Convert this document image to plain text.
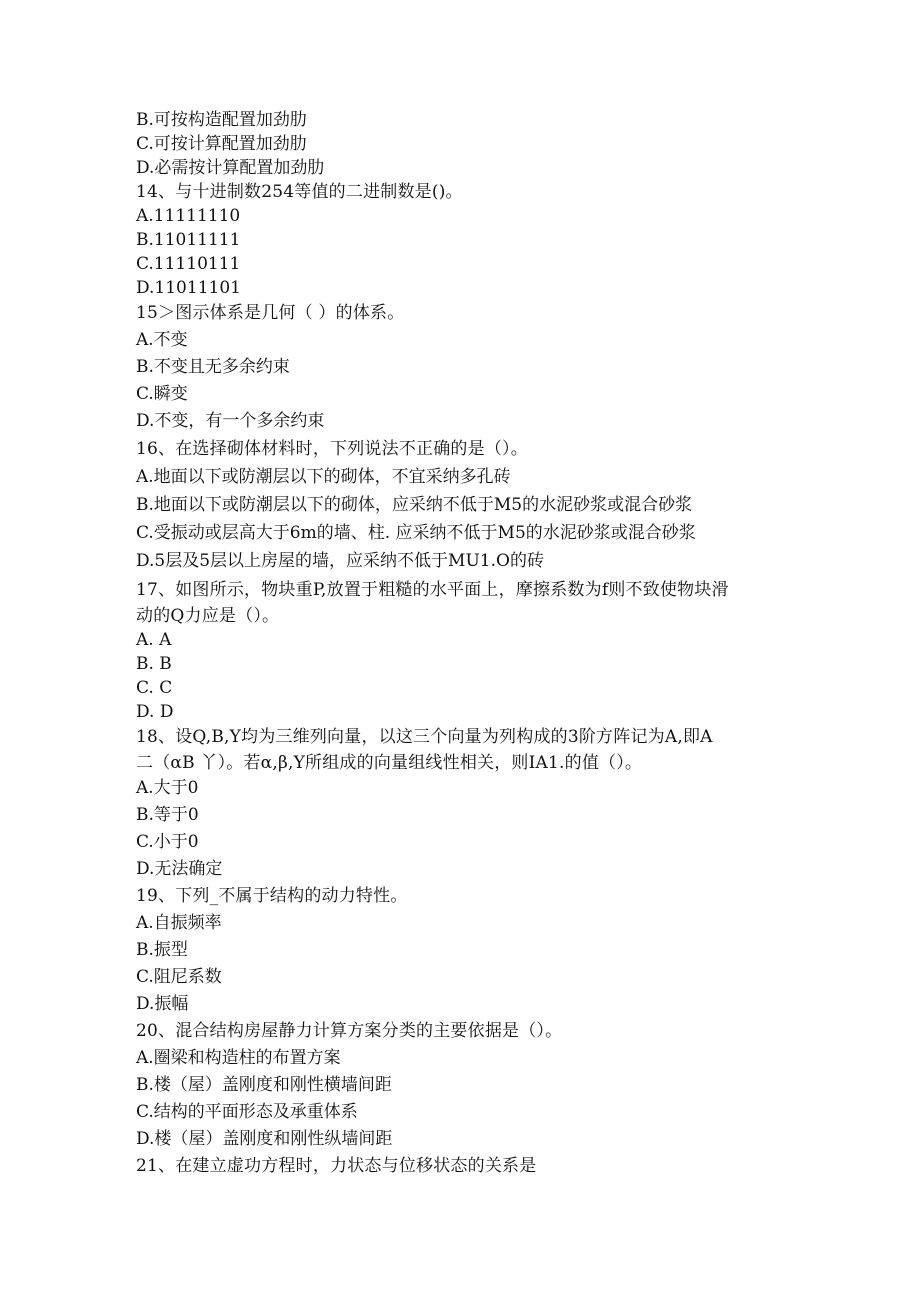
B.可按构造配置加劲肋
C.可按计算配置加劲肋
D.必需按计算配置加劲肋
14、与十进制数254等值的二进制数是()。
A.11111110
B.11011111
C.11110111
D.11011101
15＞图示体系是几何（ ）的体系。
A.不变
B.不变且无多余约束
C.瞬变
D.不变，有一个多余约束
16、在选择砌体材料时，下列说法不正确的是（）。
A.地面以下或防潮层以下的砌体，不宜采纳多孔砖
B.地面以下或防潮层以下的砌体，应采纳不低于M5的水泥砂浆或混合砂浆
C.受振动或层高大于6m的墙、柱. 应采纳不低于M5的水泥砂浆或混合砂浆
D.5层及5层以上房屋的墙，应采纳不低于MU1.O的砖
17、如图所示，物块重P,放置于粗糙的水平面上，摩擦系数为f则不致使物块滑
动的Q力应是（）。
A. A
B. B
C. C
D. D
18、设Q,B,Y均为三维列向量，以这三个向量为列构成的3阶方阵记为A,即A
二（αB 丫）。若α,β,Y所组成的向量组线性相关，则IA1.的值（）。
A.大于0
B.等于0
C.小于0
D.无法确定
19、下列_不属于结构的动力特性。
A.自振频率
B.振型
C.阻尼系数
D.振幅
20、混合结构房屋静力计算方案分类的主要依据是（）。
A.圈梁和构造柱的布置方案
B.楼（屋）盖刚度和刚性横墙间距
C.结构的平面形态及承重体系
D.楼（屋）盖刚度和刚性纵墙间距
21、在建立虚功方程时，力状态与位移状态的关系是
